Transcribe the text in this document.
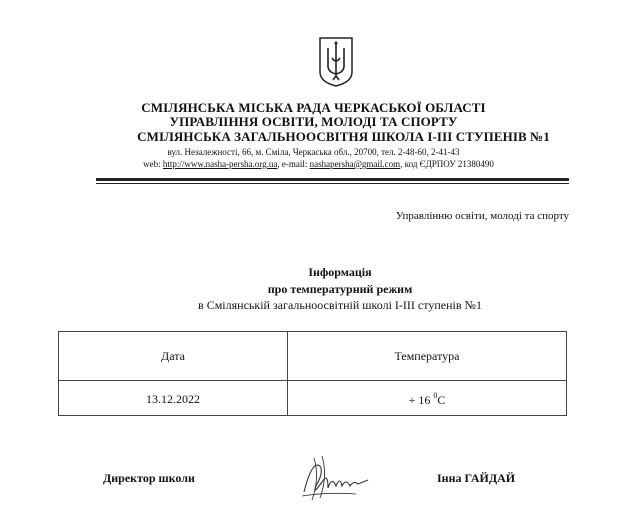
СМІЛЯНСЬКА МІСЬКА РАДА ЧЕРКАСЬКОЇ ОБЛАСТІ
УПРАВЛІННЯ ОСВІТИ, МОЛОДІ ТА СПОРТУ
СМІЛЯНСЬКА ЗАГАЛЬНООСВІТНЯ ШКОЛА І-ІІІ СТУПЕНІВ №1
вул. Незалежності, 66, м. Сміла, Черкаська обл., 20700, тел. 2-48-60, 2-41-43
web: http://www.nasha-persha.org.ua, e-mail: nashapersha@gmail.com, код ЄДРПОУ 21380490
Управлінню освіти, молоді та спорту
Інформація
про температурний режим
в Смілянській загальноосвітній школі І-ІІІ ступенів №1
Дата	Температура
13.12.2022	+ 16 $^0$C
Директор школи	Інна ГАЙДАЙ
